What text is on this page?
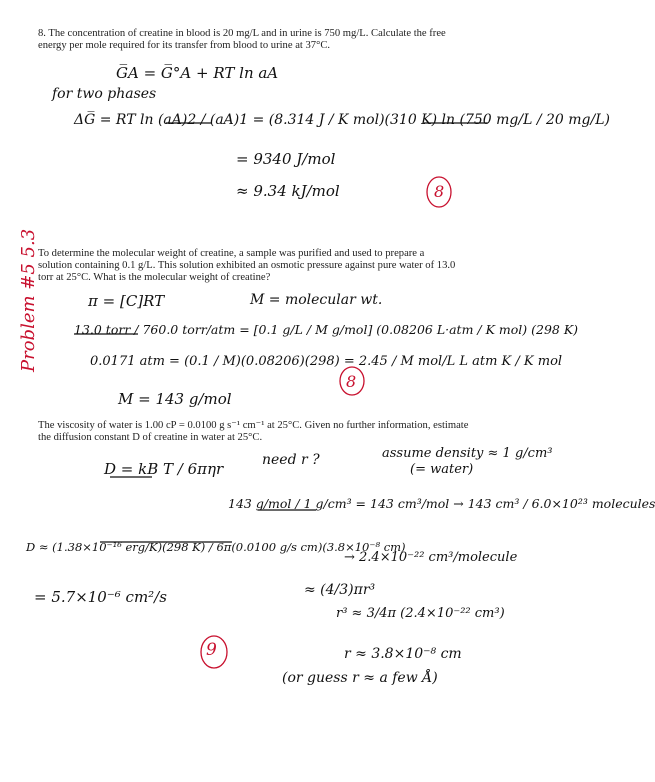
8. The concentration of creatine in blood is 20 mg/L and in urine is 750 mg/L. Calculate the free
energy per mole required for its transfer from blood to urine at 37°C.
G̅A = G̅°A + RT ln aA
for two phases
ΔG̅ = RT ln (aA)2 / (aA)1 = (8.314 J / K mol)(310 K) ln (750 mg/L / 20 mg/L)
= 9340 J/mol
≈ 9.34 kJ/mol	8
Problem #5 5.3 To determine the molecular weight of creatine, a sample was purified and used to prepare a
solution containing 0.1 g/L. This solution exhibited an osmotic pressure against pure water of 13.0
torr at 25°C. What is the molecular weight of creatine?
π = [C]RT	M = molecular wt.
13.0 torr / 760.0 torr/atm = [0.1 g/L / M g/mol] (0.08206 L·atm / K mol) (298 K)
0.0171 atm = (0.1 / M)(0.08206)(298) = 2.45 / M mol/L L atm K / K mol
M = 143 g/mol
8
The viscosity of water is 1.00 cP = 0.0100 g s⁻¹ cm⁻¹ at 25°C. Given no further information, estimate
the diffusion constant D of creatine in water at 25°C.
D = kB T / 6πηr	need r ?	assume density ≈ 1 g/cm³
(= water)
143 g/mol / 1 g/cm³ = 143 cm³/mol → 143 cm³ / 6.0×10²³ molecules
→ 2.4×10⁻²² cm³/molecule
≈ (4/3)πr³
r³ ≈ 3/4π (2.4×10⁻²² cm³)
r ≈ 3.8×10⁻⁸ cm
(or guess r ≈ a few Å)
D ≈ (1.38×10⁻¹⁶ erg/K)(298 K) / 6π(0.0100 g/s cm)(3.8×10⁻⁸ cm)
= 5.7×10⁻⁶ cm²/s
9
